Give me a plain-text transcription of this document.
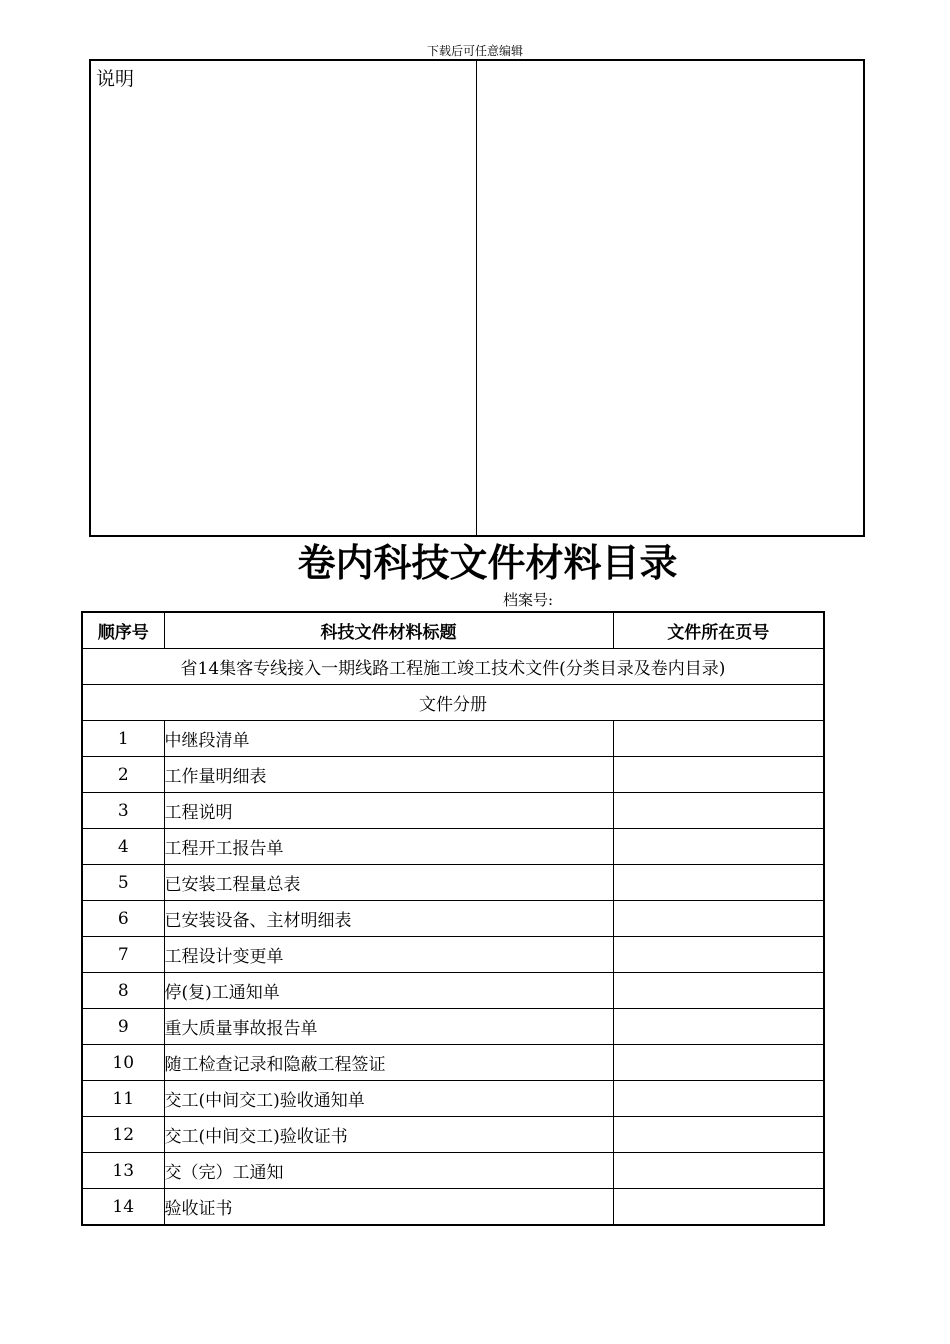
下载后可任意编辑
说明
卷内科技文件材料目录
档案号:
顺序号	科技文件材料标题	文件所在页号
省14集客专线接入一期线路工程施工竣工技术文件(分类目录及卷内目录)		
文件分册		
1	中继段清单	
2	工作量明细表	
3	工程说明	
4	工程开工报告单	
5	已安装工程量总表	
6	已安装设备、主材明细表	
7	工程设计变更单	
8	停(复)工通知单	
9	重大质量事故报告单	
10	随工检查记录和隐蔽工程签证	
11	交工(中间交工)验收通知单	
12	交工(中间交工)验收证书	
13	交（完）工通知	
14	验收证书	
